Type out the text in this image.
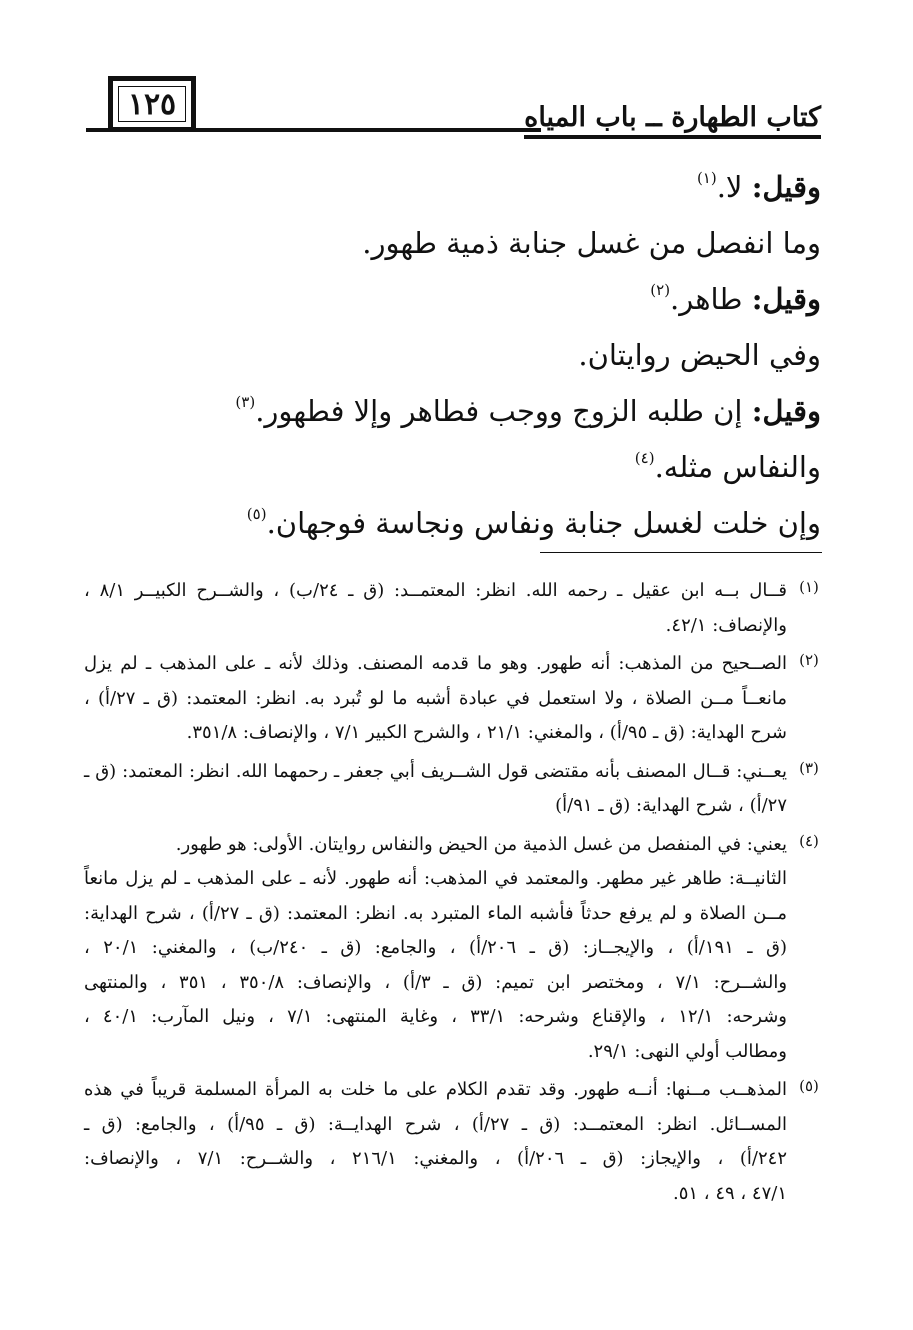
١٢٥	كتاب الطهارة ــ باب المياه
وقيل: لا.$^{(١)}$
وما انفصل من غسل جنابة ذمية طهور.
وقيل: طاهر.$^{(٢)}$
وفي الحيض روايتان.
وقيل: إن طلبه الزوج ووجب فطاهر وإلا فطهور.$^{(٣)}$
والنفاس مثله.$^{(٤)}$
وإن خلت لغسل جنابة ونفاس ونجاسة فوجهان.$^{(٥)}$
(١)
قــال بــه ابن عقيل ـ رحمه الله. انظر: المعتمــد: (ق ـ ٢٤/ب) ، والشــرح الكبيــر ٨/١ ،
والإنصاف: ٤٢/١.
(٢)
الصــحيح من المذهب: أنه طهور. وهو ما قدمه المصنف. وذلك لأنه ـ على المذهب ـ لم يزل
مانعــاً مــن الصلاة ، ولا استعمل في عبادة أشبه ما لو تُبرد به. انظر: المعتمد: (ق ـ ٢٧/أ) ،
شرح الهداية: (ق ـ ٩٥/أ) ، والمغني: ٢١/١ ، والشرح الكبير ٧/١ ، والإنصاف: ٣٥١/٨.
(٣)
يعــني: قــال المصنف بأنه مقتضى قول الشــريف أبي جعفر ـ رحمهما الله. انظر: المعتمد: (ق ـ
٢٧/أ) ، شرح الهداية: (ق ـ ٩١/أ)
(٤)
يعني: في المنفصل من غسل الذمية من الحيض والنفاس روايتان. الأولى: هو طهور.
الثانيــة: طاهر غير مطهر. والمعتمد في المذهب: أنه طهور. لأنه ـ على المذهب ـ لم يزل مانعاً
مــن الصلاة و لم يرفع حدثاً فأشبه الماء المتبرد به. انظر: المعتمد: (ق ـ ٢٧/أ) ، شرح الهداية:
(ق ـ ١٩١/أ) ، والإيجــاز: (ق ـ ٢٠٦/أ) ، والجامع: (ق ـ ٢٤٠/ب) ، والمغني: ٢٠/١ ،
والشــرح: ٧/١ ، ومختصر ابن تميم: (ق ـ ٣/أ) ، والإنصاف: ٣٥٠/٨ ، ٣٥١ ، والمنتهى
وشرحه: ١٢/١ ، والإقناع وشرحه: ٣٣/١ ، وغاية المنتهى: ٧/١ ، ونيل المآرب: ٤٠/١ ،
ومطالب أولي النهى: ٢٩/١.
(٥)
المذهــب مــنها: أنــه طهور. وقد تقدم الكلام على ما خلت به المرأة المسلمة قريباً في هذه
المســائل. انظر: المعتمــد: (ق ـ ٢٧/أ) ، شرح الهدايــة: (ق ـ ٩٥/أ) ، والجامع: (ق ـ
٢٤٢/أ) ، والإيجاز: (ق ـ ٢٠٦/أ) ، والمغني: ٢١٦/١ ، والشــرح: ٧/١ ، والإنصاف:
٤٧/١ ، ٤٩ ، ٥١.
